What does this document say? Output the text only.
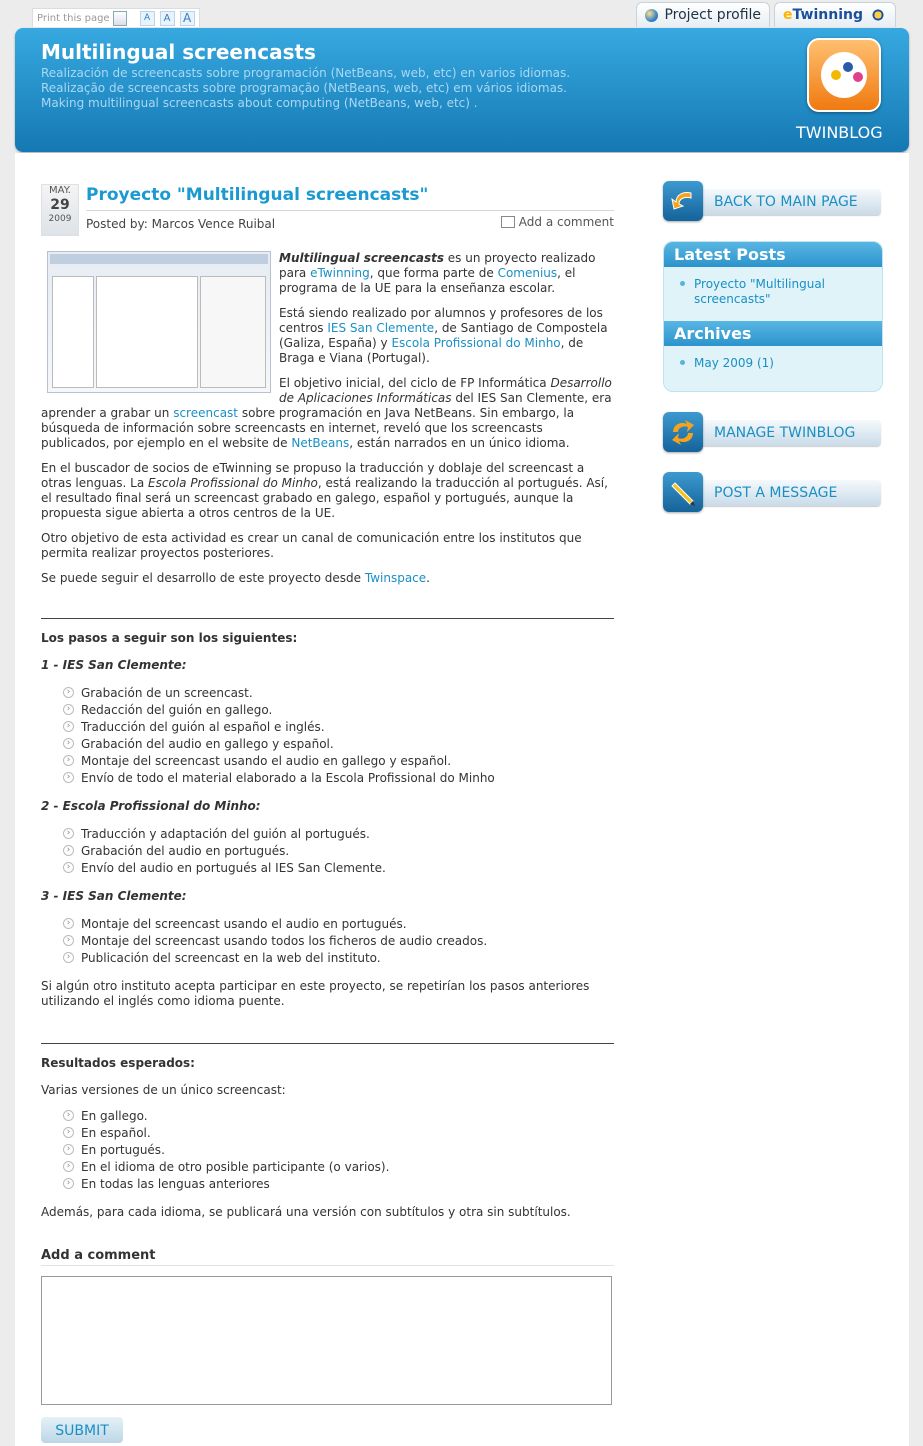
Print this page	A	A	A	Project profile e Twinning
Multilingual screencasts
Realización de screencasts sobre programación (NetBeans, web, etc) en varios idiomas.
Realização de screencasts sobre programação (NetBeans, web, etc) em vários idiomas.
Making multilingual screencasts about computing (NetBeans, web, etc) .
TWINBLOG
MAY.
29
2009
Proyecto "Multilingual screencasts"
Posted by: Marcos Vence Ruibal	Add a comment

Multilingual screencasts es un proyecto realizado para eTwinning, que forma parte de Comenius, el programa de la UE para la enseñanza escolar.

Está siendo realizado por alumnos y profesores de los centros IES San Clemente, de Santiago de Compostela (Galiza, España) y Escola Profissional do Minho, de Braga e Viana (Portugal).

El objetivo inicial, del ciclo de FP Informática Desarrollo de Aplicaciones Informáticas del IES San Clemente, era aprender a grabar un screencast sobre programación en Java NetBeans. Sin embargo, la búsqueda de información sobre screencasts en internet, reveló que los screencasts publicados, por ejemplo en el website de NetBeans, están narrados en un único idioma.

En el buscador de socios de eTwinning se propuso la traducción y doblaje del screencast a otras lenguas. La Escola Profissional do Minho, está realizando la traducción al portugués. Así, el resultado final será un screencast grabado en galego, español y portugués, aunque la propuesta sigue abierta a otros centros de la UE.

Otro objetivo de esta actividad es crear un canal de comunicación entre los institutos que permita realizar proyectos posteriores.

Se puede seguir el desarrollo de este proyecto desde Twinspace.

Los pasos a seguir son los siguientes:
1 - IES San Clemente:
› Grabación de un screencast.
› Redacción del guión en gallego.
› Traducción del guión al español e inglés.
› Grabación del audio en gallego y español.
› Montaje del screencast usando el audio en gallego y español.
› Envío de todo el material elaborado a la Escola Profissional do Minho
2 - Escola Profissional do Minho:
› Traducción y adaptación del guión al portugués.
› Grabación del audio en portugués.
› Envío del audio en portugués al IES San Clemente.
3 - IES San Clemente:
› Montaje del screencast usando el audio en portugués.
› Montaje del screencast usando todos los ficheros de audio creados.
› Publicación del screencast en la web del instituto.

Si algún otro instituto acepta participar en este proyecto, se repetirían los pasos anteriores utilizando el inglés como idioma puente.

Resultados esperados:

Varias versiones de un único screencast:

› En gallego.
› En español.
› En portugués.
› En el idioma de otro posible participante (o varios).
› En todas las lenguas anteriores

Además, para cada idioma, se publicará una versión con subtítulos y otra sin subtítulos.

Add a comment
SUBMIT
BACK TO MAIN PAGE
Latest Posts
Proyecto "Multilingual screencasts"
Archives
May 2009 (1)
MANAGE TWINBLOG
POST A MESSAGE
